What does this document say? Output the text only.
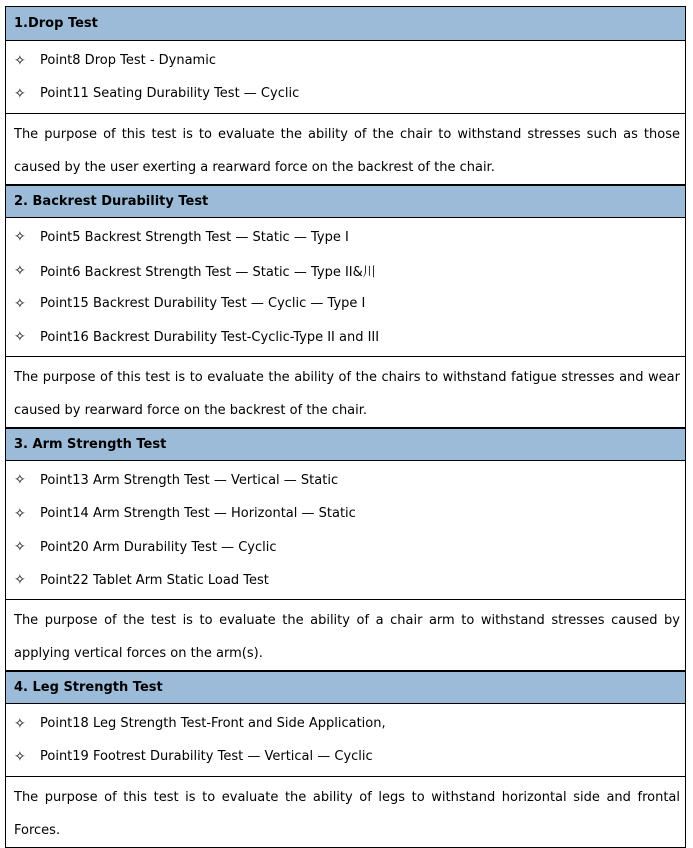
1.Drop Test
✧	Point8 Drop Test - Dynamic
✧	Point11 Seating Durability Test — Cyclic
The purpose of this test is to evaluate the ability of the chair to withstand stresses such as those caused by the user exerting a rearward force on the backrest of the chair.
2. Backrest Durability Test
✧	Point5 Backrest Strength Test — Static — Type I
✧	Point6 Backrest Strength Test — Static — Type II&川
✧	Point15 Backrest Durability Test — Cyclic — Type I
✧	Point16 Backrest Durability Test-Cyclic-Type II and III
The purpose of this test is to evaluate the ability of the chairs to withstand fatigue stresses and wear caused by rearward force on the backrest of the chair.
3. Arm Strength Test
✧	Point13 Arm Strength Test — Vertical — Static
✧	Point14 Arm Strength Test — Horizontal — Static
✧	Point20 Arm Durability Test — Cyclic
✧	Point22 Tablet Arm Static Load Test
The purpose of the test is to evaluate the ability of a chair arm to withstand stresses caused by applying vertical forces on the arm(s).
4. Leg Strength Test
✧	Point18 Leg Strength Test-Front and Side Application,
✧	Point19 Footrest Durability Test — Vertical — Cyclic
The purpose of this test is to evaluate the ability of legs to withstand horizontal side and frontal Forces.
